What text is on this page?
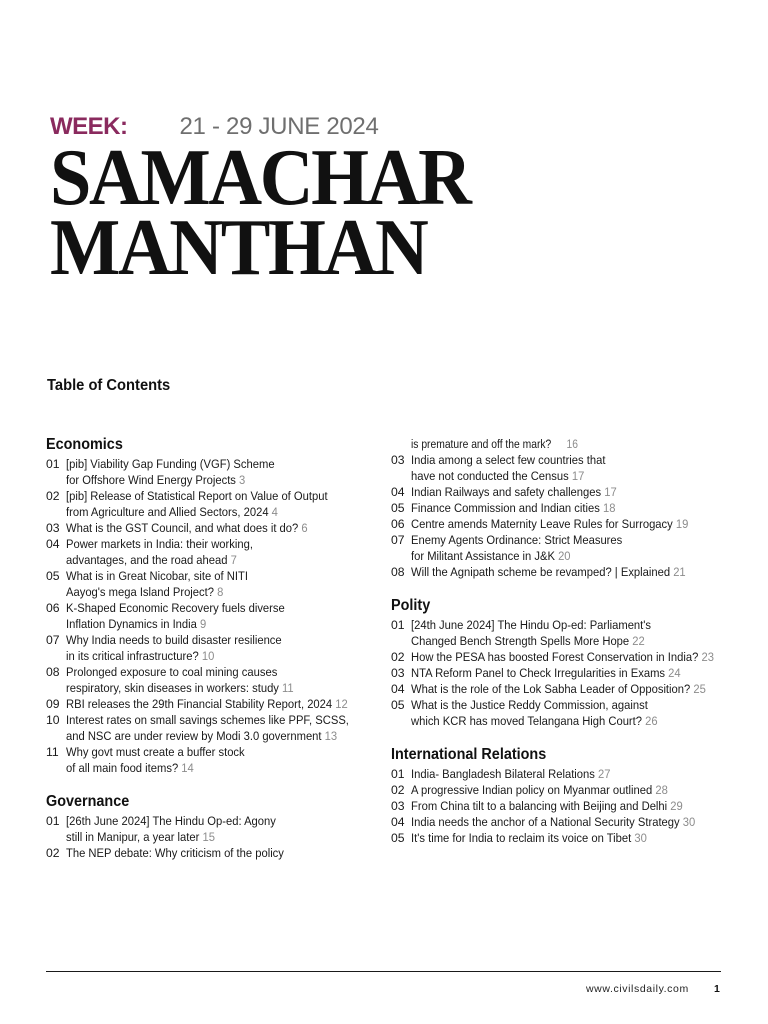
WEEK: 21 - 29 JUNE 2024
SAMACHAR
MANTHAN
Table of Contents
Economics
01 [pib] Viability Gap Funding (VGF) Scheme
for Offshore Wind Energy Projects 3
02 [pib] Release of Statistical Report on Value of Output
from Agriculture and Allied Sectors, 2024 4
03 What is the GST Council, and what does it do? 6
04 Power markets in India: their working,
advantages, and the road ahead 7
05 What is in Great Nicobar, site of NITI
Aayog's mega Island Project? 8
06 K-Shaped Economic Recovery fuels diverse
Inflation Dynamics in India 9
07 Why India needs to build disaster resilience
in its critical infrastructure? 10
08 Prolonged exposure to coal mining causes
respiratory, skin diseases in workers: study 11
09 RBI releases the 29th Financial Stability Report, 2024 12
10 Interest rates on small savings schemes like PPF, SCSS,
and NSC are under review by Modi 3.0 government 13
11 Why govt must create a buffer stock
of all main food items? 14
Governance
01 [26th June 2024] The Hindu Op-ed: Agony
still in Manipur, a year later 15
02 The NEP debate: Why criticism of the policy
is premature and off the mark? 16
03 India among a select few countries that
have not conducted the Census 17
04 Indian Railways and safety challenges 17
05 Finance Commission and Indian cities 18
06 Centre amends Maternity Leave Rules for Surrogacy 19
07 Enemy Agents Ordinance: Strict Measures
for Militant Assistance in J&K 20
08 Will the Agnipath scheme be revamped? | Explained 21
Polity
01 [24th June 2024] The Hindu Op-ed: Parliament's
Changed Bench Strength Spells More Hope 22
02 How the PESA has boosted Forest Conservation in India? 23
03 NTA Reform Panel to Check Irregularities in Exams 24
04 What is the role of the Lok Sabha Leader of Opposition? 25
05 What is the Justice Reddy Commission, against
which KCR has moved Telangana High Court? 26
International Relations
01 India- Bangladesh Bilateral Relations 27
02 A progressive Indian policy on Myanmar outlined 28
03 From China tilt to a balancing with Beijing and Delhi 29
04 India needs the anchor of a National Security Strategy 30
05 It's time for India to reclaim its voice on Tibet 30
www.civilsdaily.com 1
